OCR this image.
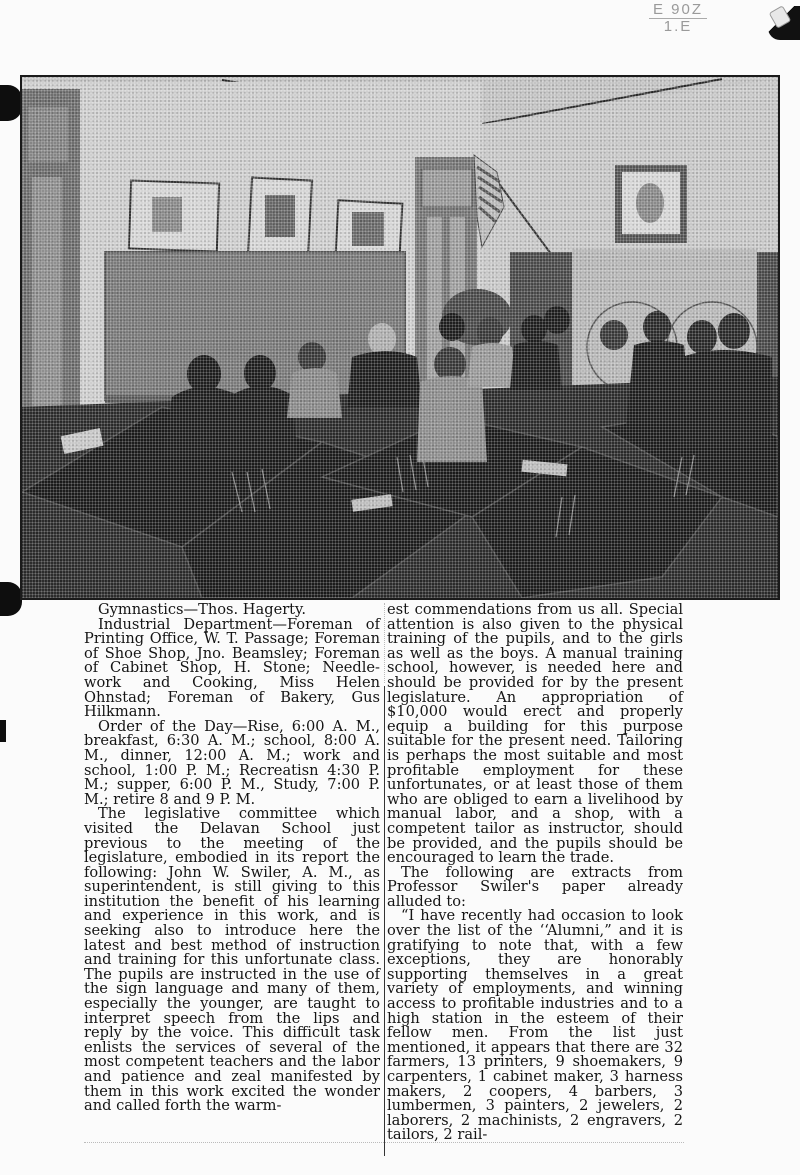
E 90Z
1.E

Gymnastics—Thos. Hagerty.

Industrial Department—Foreman of Printing Office, W. T. Passage; Foreman of Shoe Shop, Jno. Beamsley; Foreman of Cabinet Shop, H. Stone; Needle-work and Cooking, Miss Helen Ohnstad; Foreman of Bakery, Gus Hilkmann.

Order of the Day—Rise, 6:00 A. M., breakfast, 6:30 A. M.; school, 8:00 A. M., dinner, 12:00 A. M.; work and school, 1:00 P. M.; Recreatisn 4:30 P. M.; supper, 6:00 P. M., Study, 7:00 P. M.; retire 8 and 9 P. M.

The legislative committee which visited the Delavan School just previous to the meeting of the legislature, embodied in its report the following: John W. Swiler, A. M., as superintendent, is still giving to this institution the benefit of his learning and experience in this work, and is seeking also to introduce here the latest and best method of instruction and training for this unfortunate class. The pupils are instructed in the use of the sign language and many of them, especially the younger, are taught to interpret speech from the lips and reply by the voice. This difficult task enlists the services of several of the most competent teachers and the labor and patience and zeal manifested by them in this work excited the wonder and called forth the warm-

est commendations from us all. Special attention is also given to the physical training of the pupils, and to the girls as well as the boys. A manual training school, however, is needed here and should be provided for by the present legislature. An appropriation of $10,000 would erect and properly equip a building for this purpose suitable for the present need. Tailoring is perhaps the most suitable and most profitable employment for these unfortunates, or at least those of them who are obliged to earn a livelihood by manual labor, and a shop, with a competent tailor as instructor, should be provided, and the pupils should be encouraged to learn the trade.

The following are extracts from Professor Swiler's paper already alluded to:

“I have recently had occasion to look over the list of the ‘‘Alumni,” and it is gratifying to note that, with a few exceptions, they are honorably supporting themselves in a great variety of employments, and winning access to profitable industries and to a high station in the esteem of their fellow men. From the list just mentioned, it appears that there are 32 farmers, 13 printers, 9 shoemakers, 9 carpenters, 1 cabinet maker, 3 harness makers, 2 coopers, 4 barbers, 3 lumbermen, 3 painters, 2 jewelers, 2 laborers, 2 machinists, 2 engravers, 2 tailors, 2 rail-
